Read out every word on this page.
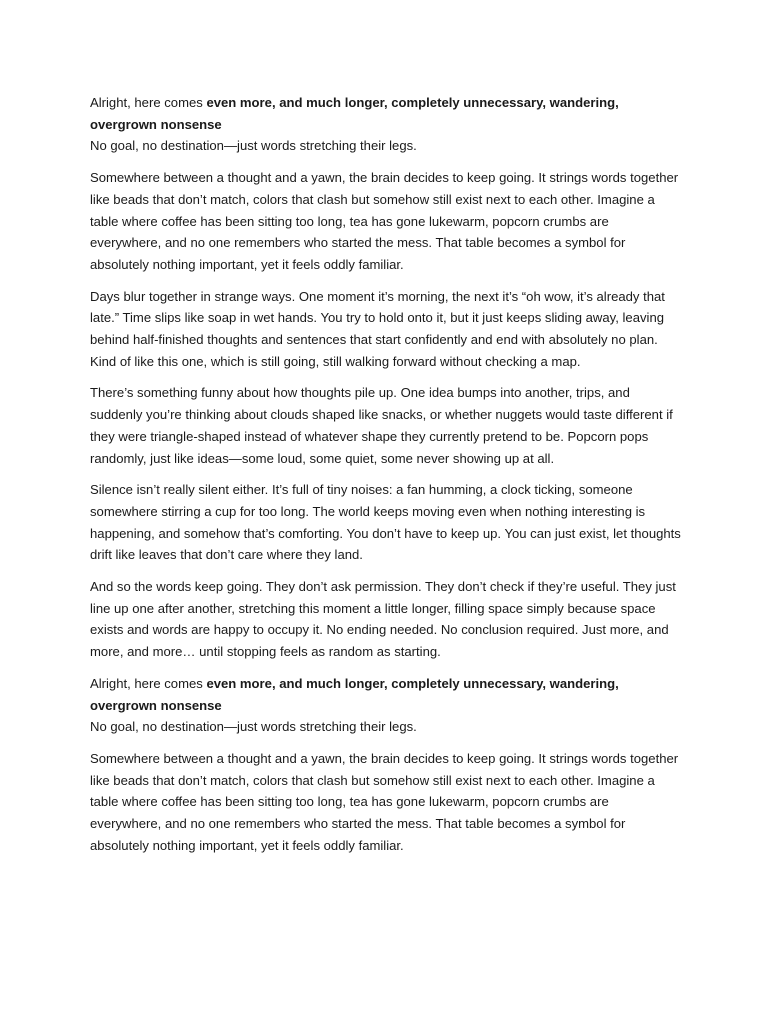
Alright, here comes even more, and much longer, completely unnecessary, wandering, overgrown nonsense

No goal, no destination—just words stretching their legs.

Somewhere between a thought and a yawn, the brain decides to keep going. It strings words together like beads that don’t match, colors that clash but somehow still exist next to each other. Imagine a table where coffee has been sitting too long, tea has gone lukewarm, popcorn crumbs are everywhere, and no one remembers who started the mess. That table becomes a symbol for absolutely nothing important, yet it feels oddly familiar.

Days blur together in strange ways. One moment it’s morning, the next it’s “oh wow, it’s already that late.” Time slips like soap in wet hands. You try to hold onto it, but it just keeps sliding away, leaving behind half-finished thoughts and sentences that start confidently and end with absolutely no plan. Kind of like this one, which is still going, still walking forward without checking a map.

There’s something funny about how thoughts pile up. One idea bumps into another, trips, and suddenly you’re thinking about clouds shaped like snacks, or whether nuggets would taste different if they were triangle-shaped instead of whatever shape they currently pretend to be. Popcorn pops randomly, just like ideas—some loud, some quiet, some never showing up at all.

Silence isn’t really silent either. It’s full of tiny noises: a fan humming, a clock ticking, someone somewhere stirring a cup for too long. The world keeps moving even when nothing interesting is happening, and somehow that’s comforting. You don’t have to keep up. You can just exist, let thoughts drift like leaves that don’t care where they land.

And so the words keep going. They don’t ask permission. They don’t check if they’re useful. They just line up one after another, stretching this moment a little longer, filling space simply because space exists and words are happy to occupy it. No ending needed. No conclusion required. Just more, and more, and more… until stopping feels as random as starting.

Alright, here comes even more, and much longer, completely unnecessary, wandering, overgrown nonsense

No goal, no destination—just words stretching their legs.

Somewhere between a thought and a yawn, the brain decides to keep going. It strings words together like beads that don’t match, colors that clash but somehow still exist next to each other. Imagine a table where coffee has been sitting too long, tea has gone lukewarm, popcorn crumbs are everywhere, and no one remembers who started the mess. That table becomes a symbol for absolutely nothing important, yet it feels oddly familiar.
